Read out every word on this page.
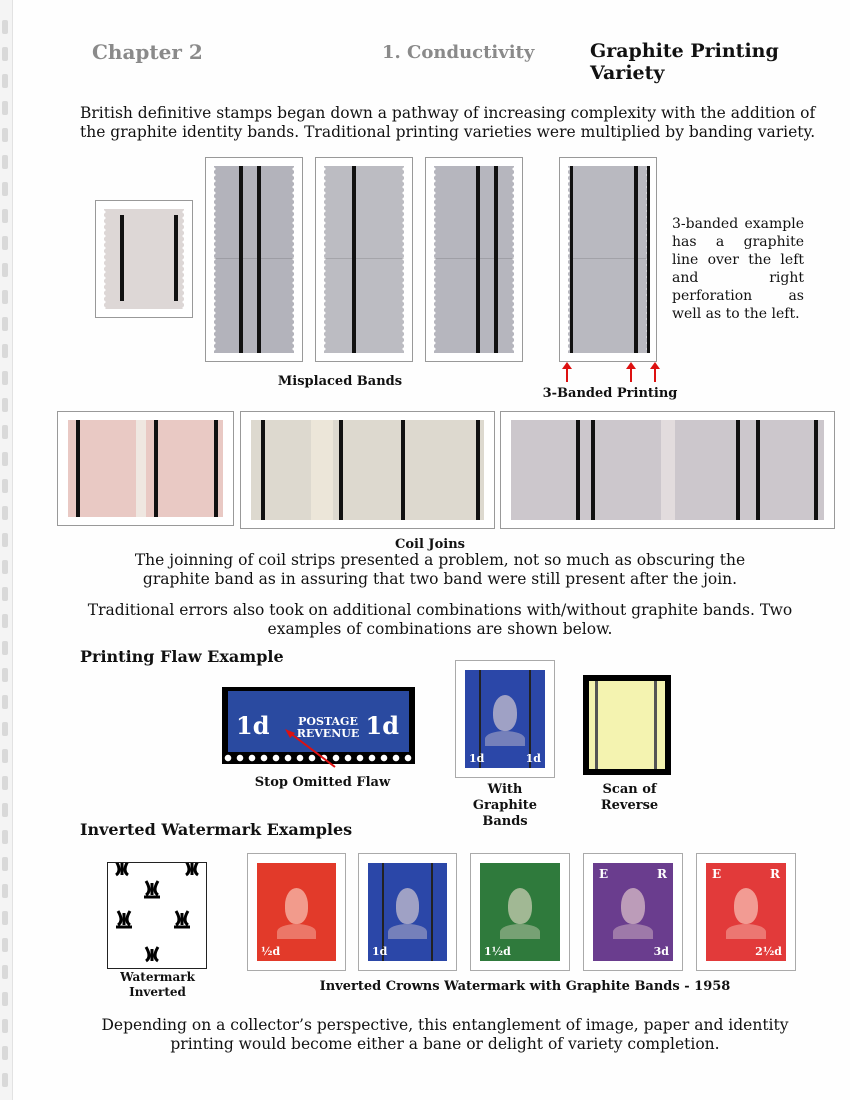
Chapter 2	1. Conductivity	Graphite Printing Variety
British definitive stamps began down a pathway of increasing complexity with the addition of the graphite identity bands. Traditional printing varieties were multiplied by banding variety.
Misplaced Bands
3-banded example has a graphite line over the left and right perforation as well as to the left.
3-Banded Printing
Coil Joins
The joinning of coil strips presented a problem, not so much as obscuring the graphite band as in assuring that two band were still present after the join.
Traditional errors also took on additional combinations with/without graphite bands. Two examples of combinations are shown below.
Printing Flaw Example
1d	1d
POSTAGE
REVENUE
Stop Omitted Flaw
1d	1d
With Graphite Bands
Scan of Reverse
Inverted Watermark Examples
Watermark Inverted
½d	1d	1½d
E	R
3d
E	R
2½d
Inverted Crowns Watermark with Graphite Bands - 1958
Depending on a collector’s perspective, this entanglement of image, paper and identity printing would become either a bane or delight of variety completion.
